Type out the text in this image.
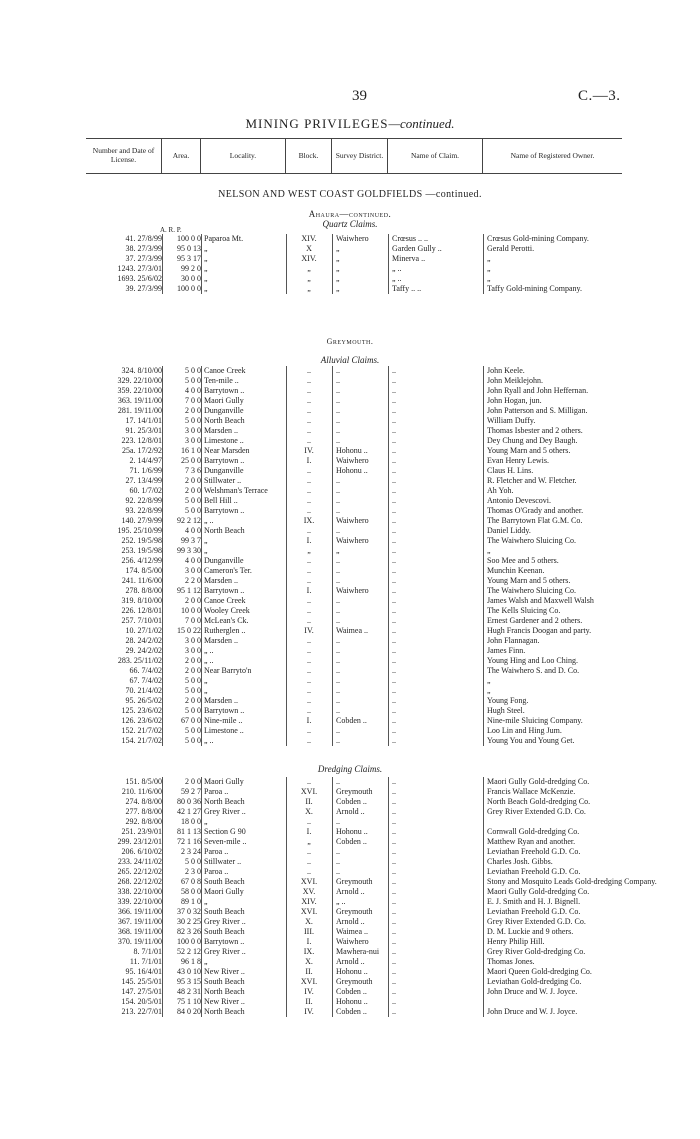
39	C.—3.
MINING PRIVILEGES—continued.
Number and Date of License.	Area.	Locality.	Block.	Survey District.	Name of Claim.	Name of Registered Owner.
NELSON AND WEST COAST GOLDFIELDS —continued.
Ahaura—continued.
Quartz Claims.
A. R. P.
41. 27/8/99	100 0 0 Paparoa Mt.	XIV.	Waiwhero	Crœsus .. ..	Crœsus Gold-mining Company.
38. 27/3/99	95 0 13 „	X	„	Garden Gully ..	Gerald Perotti.
37. 27/3/99	95 3 17 „	XIV.	„	Minerva ..	„
1243. 27/3/01	99 2 0 „	„	„	„ ..	„
1693. 25/6/02	30 0 0 „	„	„	„ ..	„
39. 27/3/99	100 0 0 „	„	„	Taffy .. ..	Taffy Gold-mining Company.
Greymouth.
Alluvial Claims.
324. 8/10/00	5 0 0 Canoe Creek	..	..	..	John Keele.
329. 22/10/00	5 0 0 Ten-mile ..	..	..	..	John Meiklejohn.
359. 22/10/00	4 0 0 Barrytown ..	..	..	..	John Ryall and John Heffernan.
363. 19/11/00	7 0 0 Maori Gully	..	..	..	John Hogan, jun.
281. 19/11/00	2 0 0 Dunganville	..	..	..	John Patterson and S. Milligan.
17. 14/1/01	5 0 0 North Beach	..	..	..	William Duffy.
91. 25/3/01	3 0 0 Marsden ..	..	..	..	Thomas Isbester and 2 others.
223. 12/8/01	3 0 0 Limestone ..	..	..	..	Dey Chung and Dey Baugh.
25a. 17/2/92	16 1 0 Near Marsden	IV.	Hohonu ..	..	Young Marn and 5 others.
2. 14/4/97	25 0 0 Barrytown ..	I.	Waiwhero	..	Evan Henry Lewis.
71. 1/6/99	7 3 6 Dunganville	..	Hohonu ..	..	Claus H. Lins.
27. 13/4/99	2 0 0 Stillwater ..	..	..	..	R. Fletcher and W. Fletcher.
60. 1/7/02	2 0 0 Welshman's Terrace	..	..	..	Ah Yoh.
92. 22/8/99	5 0 0 Bell Hill ..	..	..	..	Antonio Devescovi.
93. 22/8/99	5 0 0 Barrytown ..	..	..	..	Thomas O'Grady and another.
140. 27/9/99	92 2 12 „ ..	IX.	Waiwhero	..	The Barrytown Flat G.M. Co.
195. 25/10/99	4 0 0 North Beach	..	..	..	Daniel Liddy.
252. 19/5/98	99 3 7 „	I.	Waiwhero	..	The Waiwhero Sluicing Co.
253. 19/5/98	99 3 30 „	„	„	..	„
256. 4/12/99	4 0 0 Dunganville	..	..	..	Soo Mee and 5 others.
174. 8/5/00	3 0 0 Cameron's Ter.	..	..	..	Munchin Keenan.
241. 11/6/00	2 2 0 Marsden ..	..	..	..	Young Marn and 5 others.
278. 8/8/00	95 1 12 Barrytown ..	I.	Waiwhero	..	The Waiwhero Sluicing Co.
319. 8/10/00	2 0 0 Canoe Creek	..	..	..	James Walsh and Maxwell Walsh
226. 12/8/01	10 0 0 Wooley Creek	..	..	..	The Kells Sluicing Co.
257. 7/10/01	7 0 0 McLean's Ck.	..	..	..	Ernest Gardener and 2 others.
10. 27/1/02	15 0 22 Rutherglen ..	IV.	Waimea ..	..	Hugh Francis Doogan and party.
28. 24/2/02	3 0 0 Marsden ..	..	..	..	John Flannagan.
29. 24/2/02	3 0 0 „ ..	..	..	..	James Finn.
283. 25/11/02	2 0 0 „ ..	..	..	..	Young Hing and Loo Ching.
66. 7/4/02	2 0 0 Near Barryto'n	..	..	..	The Waiwhero S. and D. Co.
67. 7/4/02	5 0 0 „	..	..	..	„
70. 21/4/02	5 0 0 „	..	..	..	„
95. 26/5/02	2 0 0 Marsden ..	..	..	..	Young Fong.
125. 23/6/02	5 0 0 Barrytown ..	..	..	..	Hugh Steel.
126. 23/6/02	67 0 0 Nine-mile ..	I.	Cobden ..	..	Nine-mile Sluicing Company.
152. 21/7/02	5 0 0 Limestone ..	..	..	..	Loo Lin and Hing Jum.
154. 21/7/02	5 0 0 „ ..	..	..	..	Young You and Young Get.
Dredging Claims.
151. 8/5/00	2 0 0 Maori Gully	..	..	..	Maori Gully Gold-dredging Co.
210. 11/6/00	59 2 7 Paroa ..	XVI.	Greymouth	..	Francis Wallace McKenzie.
274. 8/8/00	80 0 36 North Beach	II.	Cobden ..	..	North Beach Gold-dredging Co.
277. 8/8/00	42 1 27 Grey River ..	X.	Arnold ..	..	Grey River Extended G.D. Co.
292. 8/8/00	18 0 0 „	..	..	..
251. 23/9/01	81 1 13 Section G 90	I.	Hohonu ..	..	Cornwall Gold-dredging Co.
299. 23/12/01	72 1 16 Seven-mile ..	„	Cobden ..	..	Matthew Ryan and another.
206. 6/10/02	2 3 24 Paroa ..	..	..	..	Leviathan Freehold G.D. Co.
233. 24/11/02	5 0 0 Stillwater ..	..	..	..	Charles Josh. Gibbs.
265. 22/12/02	2 3 0 Paroa ..	..	..	..	Leviathan Freehold G.D. Co.
268. 22/12/02	67 0 8 South Beach	XVI.	Greymouth	..	Stony and Mosquito Leads Gold-dredging Company.
338. 22/10/00	58 0 0 Maori Gully	XV.	Arnold ..	..	Maori Gully Gold-dredging Co.
339. 22/10/00	89 1 0 „	XIV.	„ ..	..	E. J. Smith and H. J. Bignell.
366. 19/11/00	37 0 32 South Beach	XVI.	Greymouth	..	Leviathan Freehold G.D. Co.
367. 19/11/00	30 2 25 Grey River ..	X.	Arnold ..	..	Grey River Extended G.D. Co.
368. 19/11/00	82 3 26 South Beach	III.	Waimea ..	..	D. M. Luckie and 9 others.
370. 19/11/00	100 0 0 Barrytown ..	I.	Waiwhero	..	Henry Philip Hill.
8. 7/1/01	52 2 12 Grey River ..	IX.	Mawhera-nui	..	Grey River Gold-dredging Co.
11. 7/1/01	96 1 8 „	X.	Arnold ..	..	Thomas Jones.
95. 16/4/01	43 0 10 New River ..	II.	Hohonu ..	..	Maori Queen Gold-dredging Co.
145. 25/5/01	95 3 15 South Beach	XVI.	Greymouth	..	Leviathan Gold-dredging Co.
147. 27/5/01	48 2 31 North Beach	IV.	Cobden ..	..	John Druce and W. J. Joyce.
154. 20/5/01	75 1 10 New River ..	II.	Hohonu ..	..
213. 22/7/01	84 0 20 North Beach	IV.	Cobden ..	..	John Druce and W. J. Joyce.
